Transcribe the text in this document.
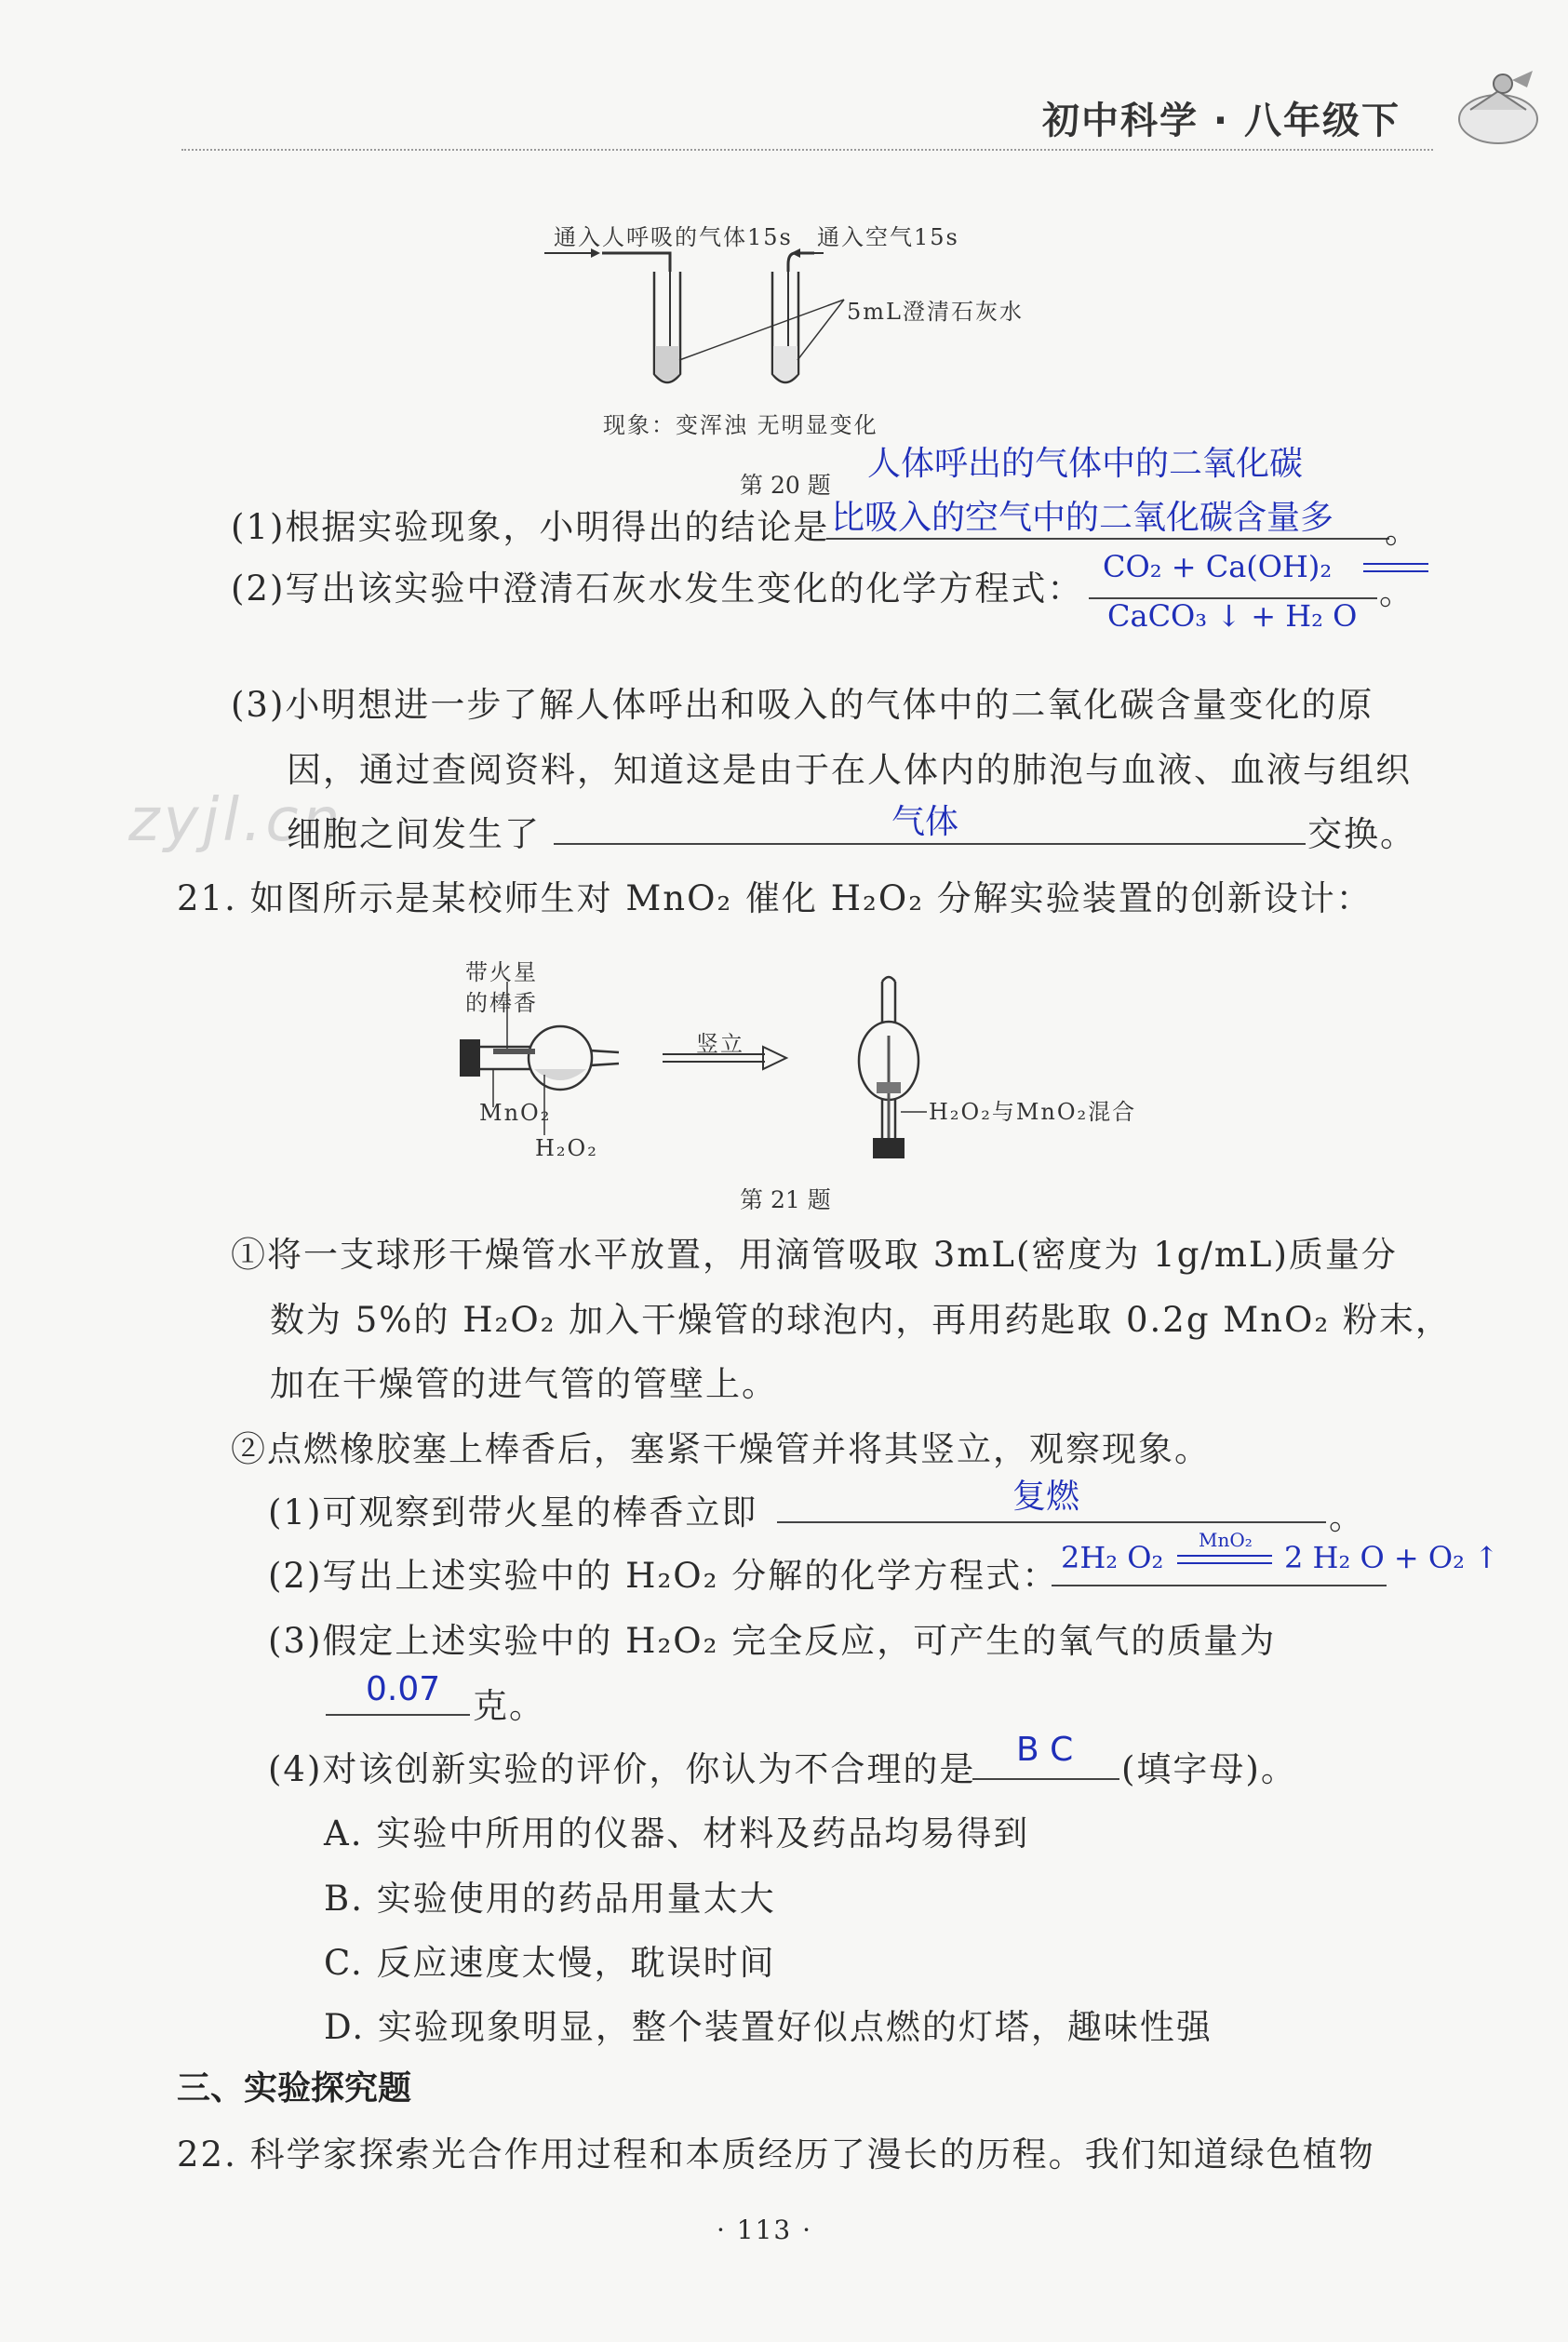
初中科学 · 八年级下
通入人呼吸的气体15s 通入空气15s
5mL澄清石灰水
现象：变浑浊 无明显变化
第 20 题
人体呼出的气体中的二氧化碳
(1)根据实验现象，小明得出的结论是 比吸入的空气中的二氧化碳含量多 。
(2)写出该实验中澄清石灰水发生变化的化学方程式：
CO₂ + Ca(OH)₂
。
CaCO₃ ↓ + H₂ O
(3)小明想进一步了解人体呼出和吸入的气体中的二氧化碳含量变化的原
因，通过查阅资料，知道这是由于在人体内的肺泡与血液、血液与组织
zyjl.cn
细胞之间发生了	气体	交换。
21. 如图所示是某校师生对 MnO₂ 催化 H₂O₂ 分解实验装置的创新设计：
带火星
的棒香
竖立
MnO₂
H₂O₂
H₂O₂与MnO₂混合
第 21 题
①将一支球形干燥管水平放置，用滴管吸取 3mL(密度为 1g/mL)质量分
数为 5%的 H₂O₂ 加入干燥管的球泡内，再用药匙取 0.2g MnO₂ 粉末，
加在干燥管的进气管的管壁上。
②点燃橡胶塞上棒香后，塞紧干燥管并将其竖立，观察现象。
(1)可观察到带火星的棒香立即	复燃
。
(2)写出上述实验中的 H₂O₂ 分解的化学方程式： 2H₂ O₂ MnO₂ 2 H₂ O + O₂ ↑
(3)假定上述实验中的 H₂O₂ 完全反应，可产生的氧气的质量为
0.07 克。
(4)对该创新实验的评价，你认为不合理的是 B C (填字母)。
A. 实验中所用的仪器、材料及药品均易得到
B. 实验使用的药品用量太大
C. 反应速度太慢，耽误时间
D. 实验现象明显，整个装置好似点燃的灯塔，趣味性强
三、实验探究题
22. 科学家探索光合作用过程和本质经历了漫长的历程。我们知道绿色植物
· 113 ·
